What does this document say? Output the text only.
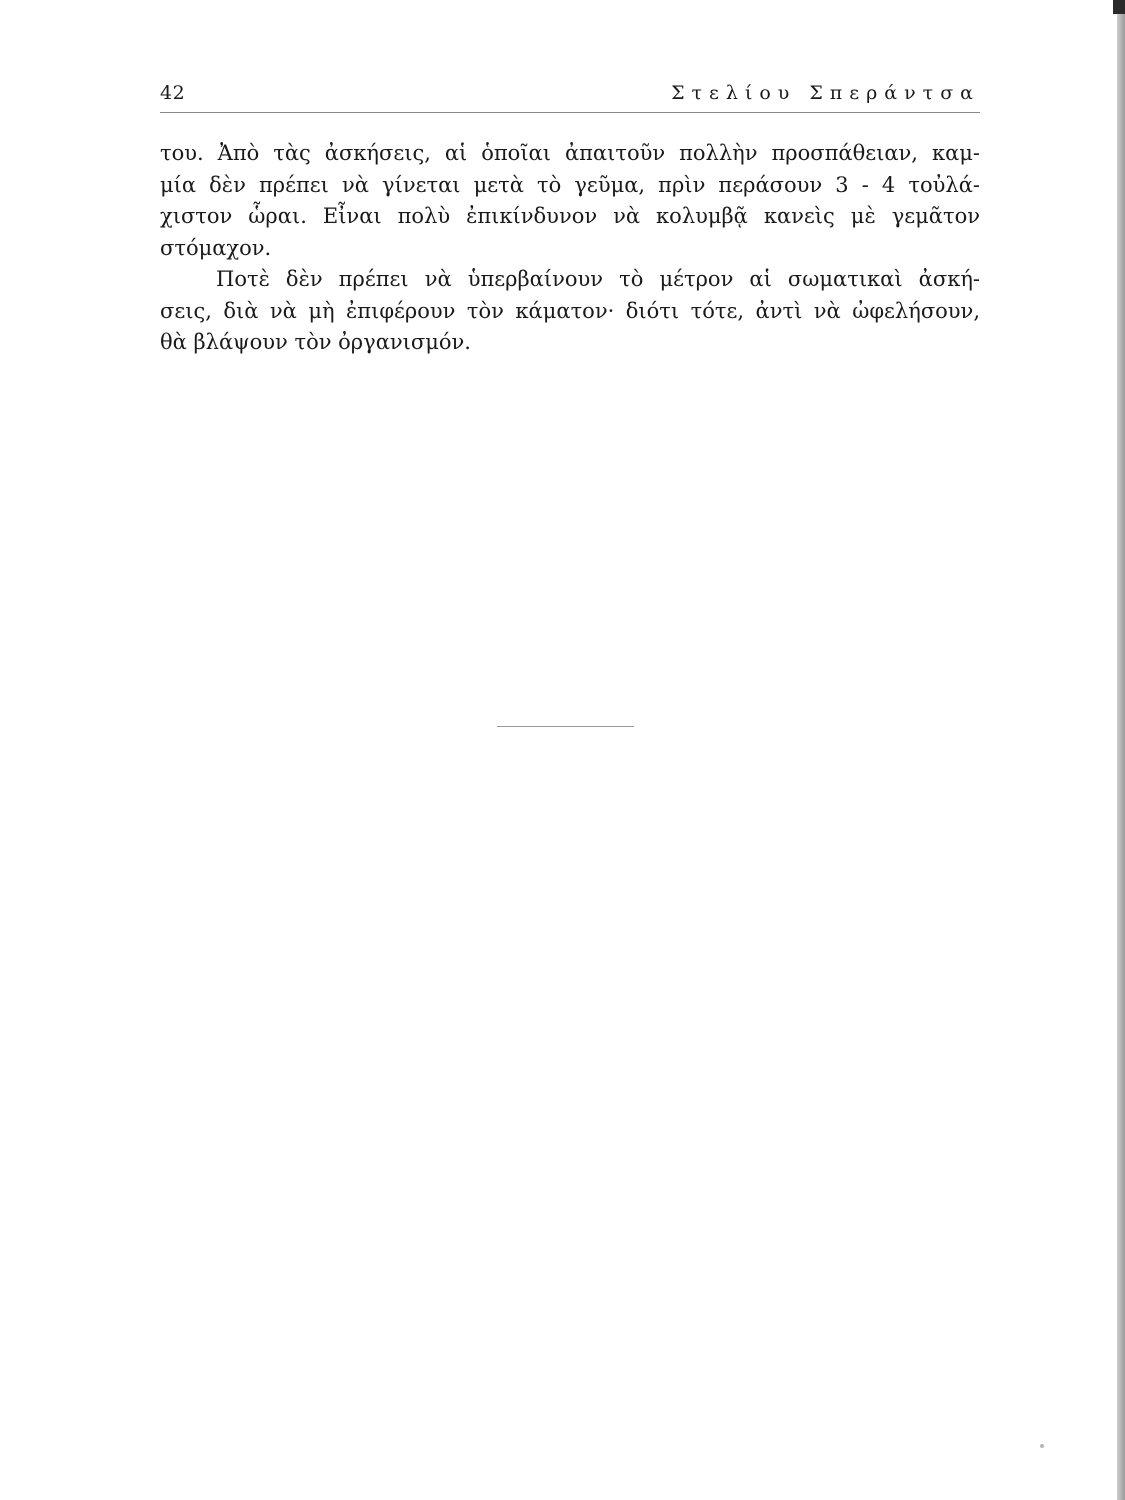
42	Στελίου Σπεράντσα
του. Ἀπὸ τὰς ἀσκήσεις, αἱ ὁποῖαι ἀπαιτοῦν πολλὴν προσπάθειαν, καμ-
μία δὲν πρέπει νὰ γίνεται μετὰ τὸ γεῦμα, πρὶν περάσουν 3 - 4 τοὐλά-
χιστον ὧραι. Εἶναι πολὺ ἐπικίνδυνον νὰ κολυμβᾷ κανεὶς μὲ γεμᾶτον
στόμαχον.
Ποτὲ δὲν πρέπει νὰ ὑπερβαίνουν τὸ μέτρον αἱ σωματικαὶ ἀσκή-
σεις, διὰ νὰ μὴ ἐπιφέρουν τὸν κάματον· διότι τότε, ἀντὶ νὰ ὠφελήσουν,
θὰ βλάψουν τὸν ὀργανισμόν.
